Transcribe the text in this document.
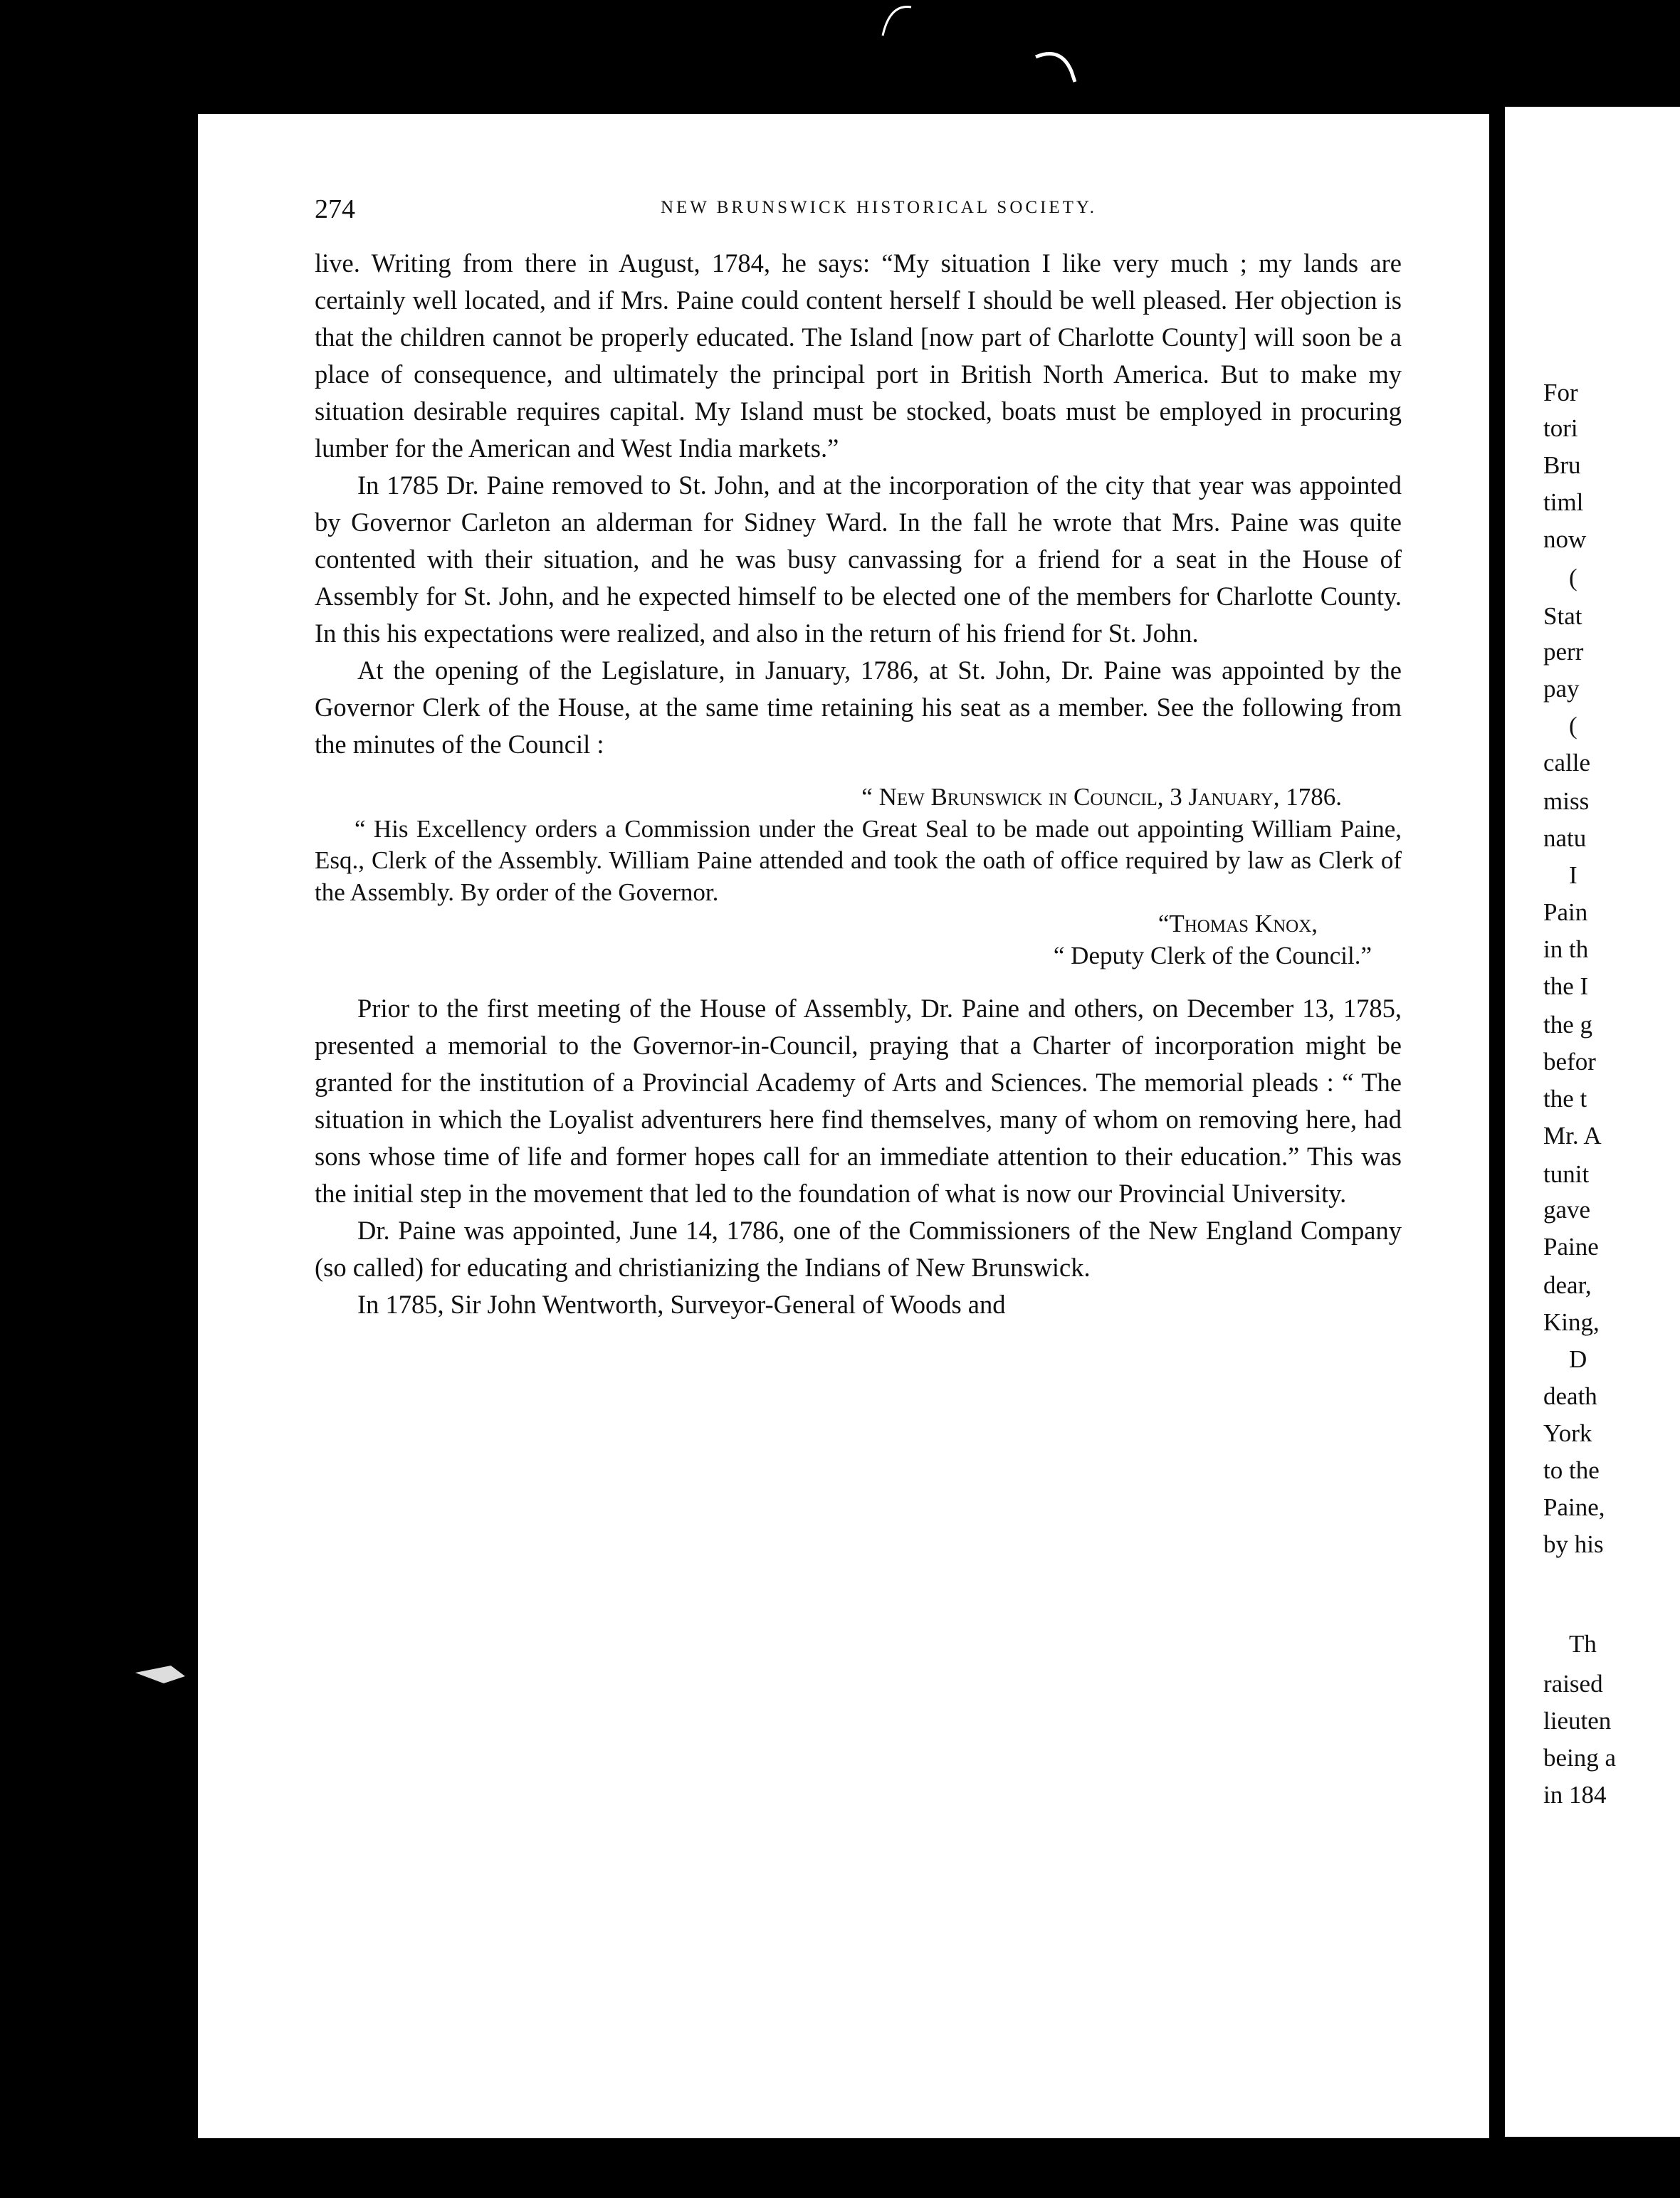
274	NEW BRUNSWICK HISTORICAL SOCIETY.

live. Writing from there in August, 1784, he says: “My situation I like very much ; my lands are certainly well located, and if Mrs. Paine could content herself I should be well pleased. Her objection is that the children cannot be properly educated. The Island [now part of Charlotte County] will soon be a place of consequence, and ultimately the principal port in British North America. But to make my situation desirable requires capital. My Island must be stocked, boats must be employed in procuring lumber for the American and West India markets.”

In 1785 Dr. Paine removed to St. John, and at the incorporation of the city that year was appointed by Governor Carleton an alderman for Sidney Ward. In the fall he wrote that Mrs. Paine was quite contented with their situation, and he was busy canvassing for a friend for a seat in the House of Assembly for St. John, and he expected himself to be elected one of the members for Charlotte County. In this his expectations were realized, and also in the return of his friend for St. John.

At the opening of the Legislature, in January, 1786, at St. John, Dr. Paine was appointed by the Governor Clerk of the House, at the same time retaining his seat as a member. See the following from the minutes of the Council :

“ New Brunswick in Council, 3 January, 1786.
“ His Excellency orders a Commission under the Great Seal to be made out appointing William Paine, Esq., Clerk of the Assembly. William Paine attended and took the oath of office required by law as Clerk of the Assembly. By order of the Governor.
“Thomas Knox,
“ Deputy Clerk of the Council.”

Prior to the first meeting of the House of Assembly, Dr. Paine and others, on December 13, 1785, presented a memorial to the Governor-in-Council, praying that a Charter of incorporation might be granted for the institution of a Provincial Academy of Arts and Sciences. The memorial pleads : “ The situation in which the Loyalist adventurers here find themselves, many of whom on removing here, had sons whose time of life and former hopes call for an immediate attention to their education.” This was the initial step in the movement that led to the foundation of what is now our Provincial University.

Dr. Paine was appointed, June 14, 1786, one of the Commissioners of the New England Company (so called) for educating and christianizing the Indians of New Brunswick.

In 1785, Sir John Wentworth, Surveyor-General of Woods and

For
tori
Bru
timl
now
(
Stat
perr
pay
(
calle
miss
natu
I
Pain
in th
the I
the g
befor
the t
Mr. A
tunit
gave
Paine
dear,
King,
D
death
York
to the
Paine,
by his
Th
raised
lieuten
being a
in 184
